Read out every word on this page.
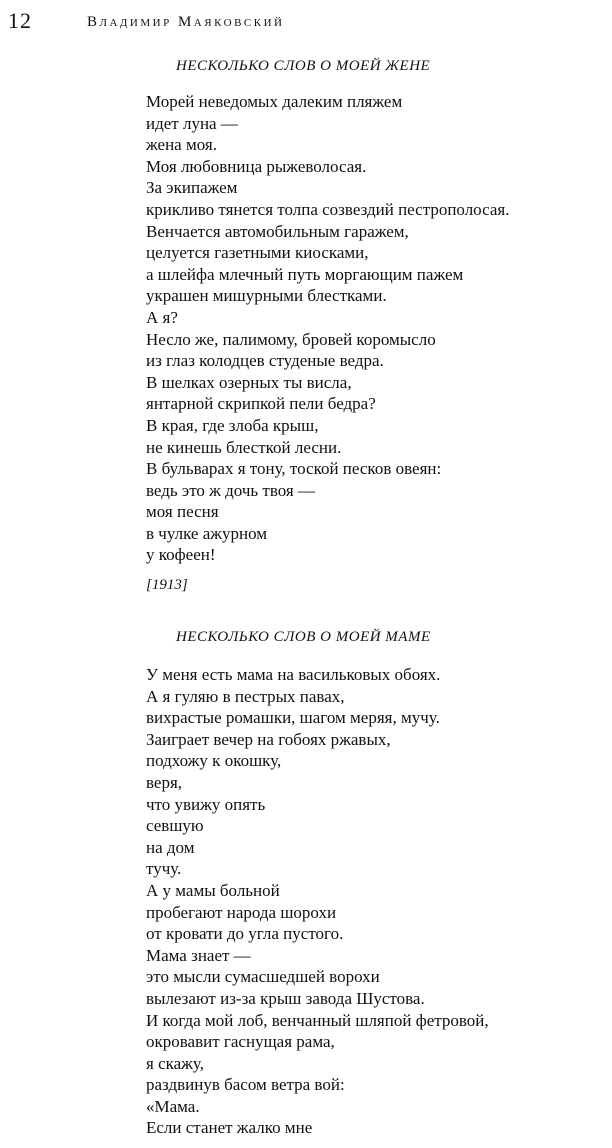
12	Владимир Маяковский
НЕСКОЛЬКО СЛОВ О МОЕЙ ЖЕНЕ
Морей неведомых далеким пляжем
идет луна —
жена моя.
Моя любовница рыжеволосая.
За экипажем
крикливо тянется толпа созвездий пестрополосая.
Венчается автомобильным гаражем,
целуется газетными киосками,
а шлейфа млечный путь моргающим пажем
украшен мишурными блестками.
А я?
Несло же, палимому, бровей коромысло
из глаз колодцев студеные ведра.
В шелках озерных ты висла,
янтарной скрипкой пели бедра?
В края, где злоба крыш,
не кинешь блесткой лесни.
В бульварах я тону, тоской песков овеян:
ведь это ж дочь твоя —
моя песня
в чулке ажурном
у кофеен!
[1913]
НЕСКОЛЬКО СЛОВ О МОЕЙ МАМЕ
У меня есть мама на васильковых обоях.
А я гуляю в пестрых павах,
вихрастые ромашки, шагом меряя, мучу.
Заиграет вечер на гобоях ржавых,
подхожу к окошку,
веря,
что увижу опять
севшую
на дом
тучу.
А у мамы больной
пробегают народа шорохи
от кровати до угла пустого.
Мама знает —
это мысли сумасшедшей ворохи
вылезают из-за крыш завода Шустова.
И когда мой лоб, венчанный шляпой фетровой,
окровавит гаснущая рама,
я скажу,
раздвинув басом ветра вой:
«Мама.
Если станет жалко мне
